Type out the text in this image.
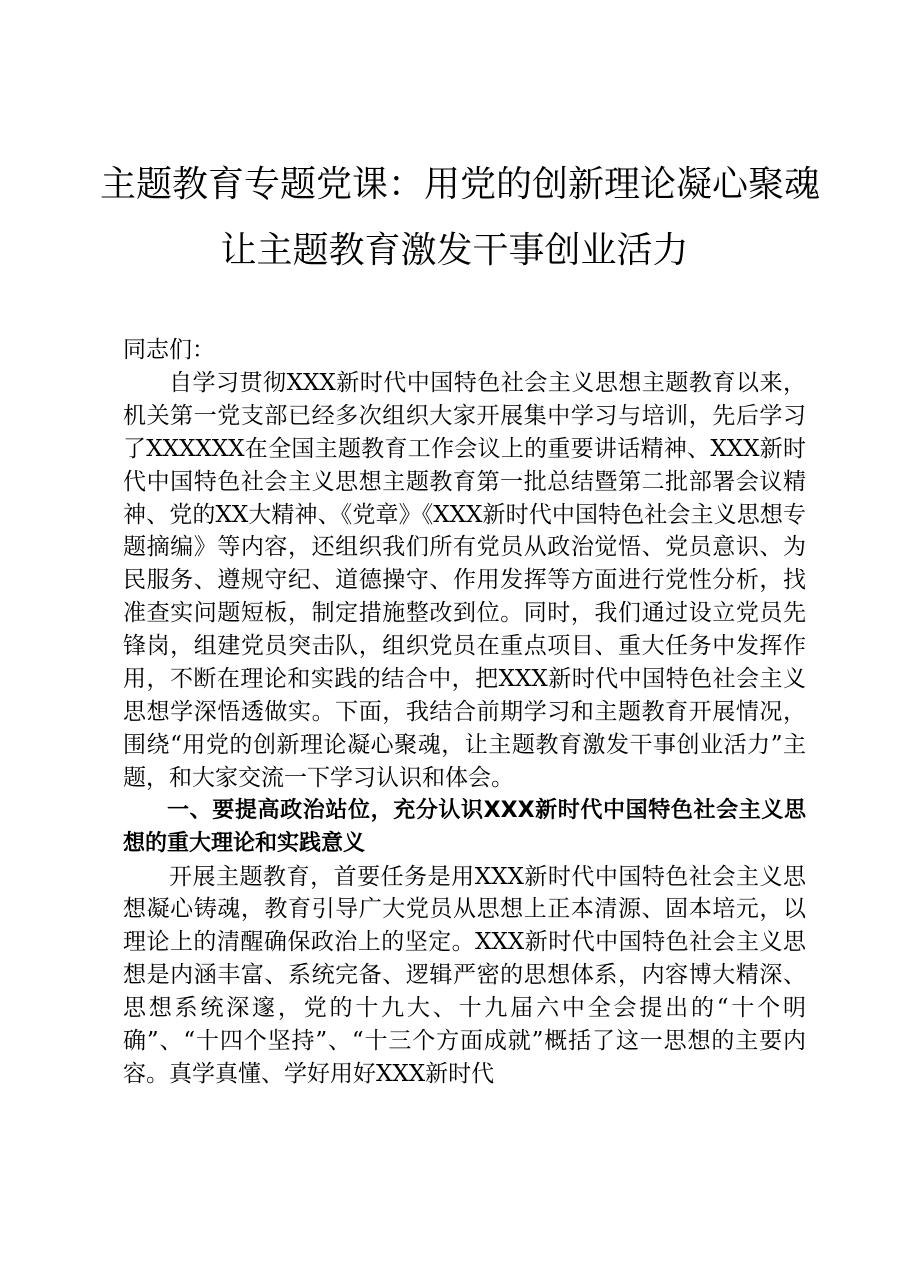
主题教育专题党课：用党的创新理论凝心聚魂
让主题教育激发干事创业活力

同志们：

自学习贯彻XXX新时代中国特色社会主义思想主题教育以来，机关第一党支部已经多次组织大家开展集中学习与培训，先后学习了XXXXXX在全国主题教育工作会议上的重要讲话精神、XXX新时代中国特色社会主义思想主题教育第一批总结暨第二批部署会议精神、党的XX大精神、《党章》《XXX新时代中国特色社会主义思想专题摘编》等内容，还组织我们所有党员从政治觉悟、党员意识、为民服务、遵规守纪、道德操守、作用发挥等方面进行党性分析，找准查实问题短板，制定措施整改到位。同时，我们通过设立党员先锋岗，组建党员突击队，组织党员在重点项目、重大任务中发挥作用，不断在理论和实践的结合中，把XXX新时代中国特色社会主义思想学深悟透做实。下面，我结合前期学习和主题教育开展情况，围绕“用党的创新理论凝心聚魂，让主题教育激发干事创业活力”主题，和大家交流一下学习认识和体会。

一、要提高政治站位，充分认识XXX新时代中国特色社会主义思想的重大理论和实践意义

开展主题教育，首要任务是用XXX新时代中国特色社会主义思想凝心铸魂，教育引导广大党员从思想上正本清源、固本培元，以理论上的清醒确保政治上的坚定。XXX新时代中国特色社会主义思想是内涵丰富、系统完备、逻辑严密的思想体系，内容博大精深、思想系统深邃，党的十九大、十九届六中全会提出的“十个明确”、“十四个坚持”、“十三个方面成就”概括了这一思想的主要内容。真学真懂、学好用好XXX新时代
